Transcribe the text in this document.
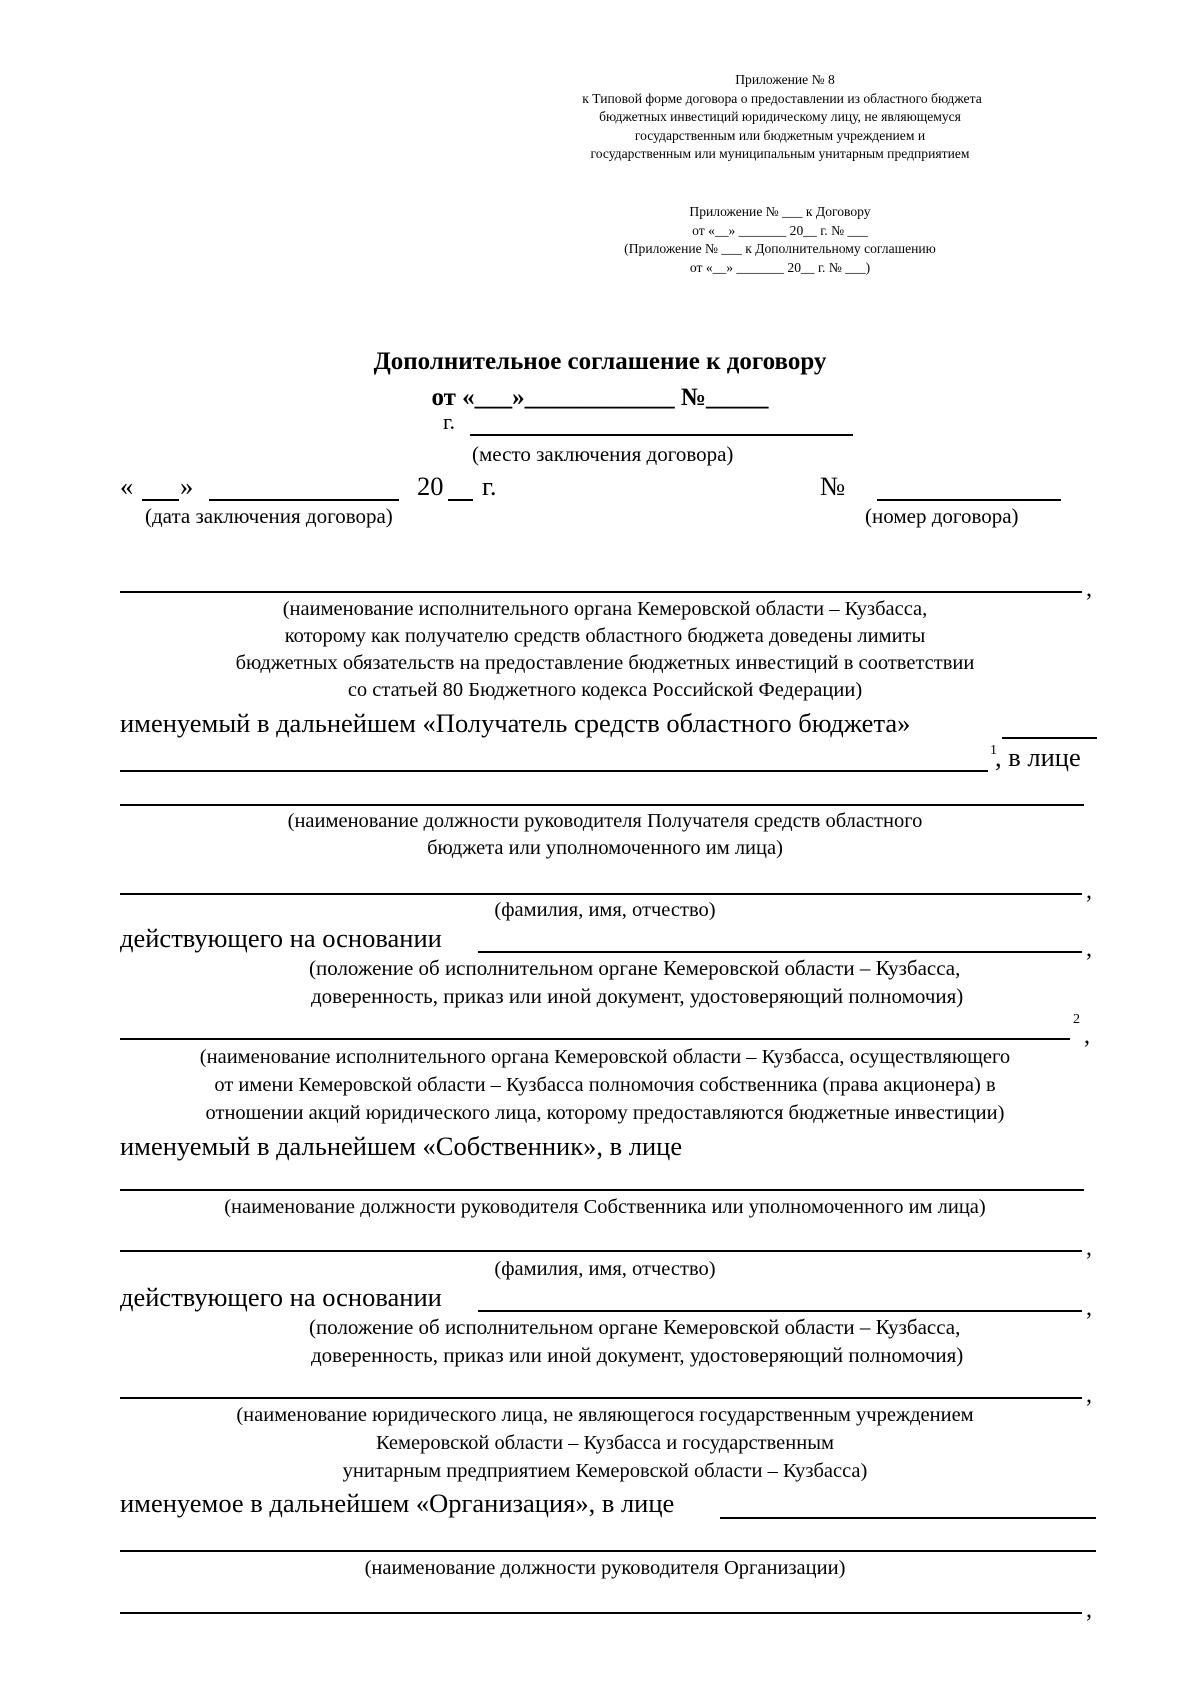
Приложение № 8
к Типовой форме договора о предоставлении из областного бюджета
бюджетных инвестиций юридическому лицу, не являющемуся
государственным или бюджетным учреждением и
государственным или муниципальным унитарным предприятием
Приложение № ___ к Договору
от «__» _______ 20__ г. № ___
(Приложение № ___ к Дополнительному соглашению
от «__» _______ 20__ г. № ___)
Дополнительное соглашение к договору
от «___»____________ №_____
г.
(место заключения договора)
« »	20 г.	№
(дата заключения договора)	(номер договора)
,
(наименование исполнительного органа Кемеровской области – Кузбасса,
которому как получателю средств областного бюджета доведены лимиты
бюджетных обязательств на предоставление бюджетных инвестиций в соответствии
со статьей 80 Бюджетного кодекса Российской Федерации)
именуемый в дальнейшем «Получатель средств областного бюджета»
1
, в лице
(наименование должности руководителя Получателя средств областного
бюджета или уполномоченного им лица)
,
(фамилия, имя, отчество)
действующего на основании	,
(положение об исполнительном органе Кемеровской области – Кузбасса,
доверенность, приказ или иной документ, удостоверяющий полномочия)
2
,
(наименование исполнительного органа Кемеровской области – Кузбасса, осуществляющего
от имени Кемеровской области – Кузбасса полномочия собственника (права акционера) в
отношении акций юридического лица, которому предоставляются бюджетные инвестиции)
именуемый в дальнейшем «Собственник», в лице
(наименование должности руководителя Собственника или уполномоченного им лица)
,
(фамилия, имя, отчество)
действующего на основании	,
(положение об исполнительном органе Кемеровской области – Кузбасса,
доверенность, приказ или иной документ, удостоверяющий полномочия)
,
(наименование юридического лица, не являющегося государственным учреждением
Кемеровской области – Кузбасса и государственным
унитарным предприятием Кемеровской области – Кузбасса)
именуемое в дальнейшем «Организация», в лице
(наименование должности руководителя Организации)
,
